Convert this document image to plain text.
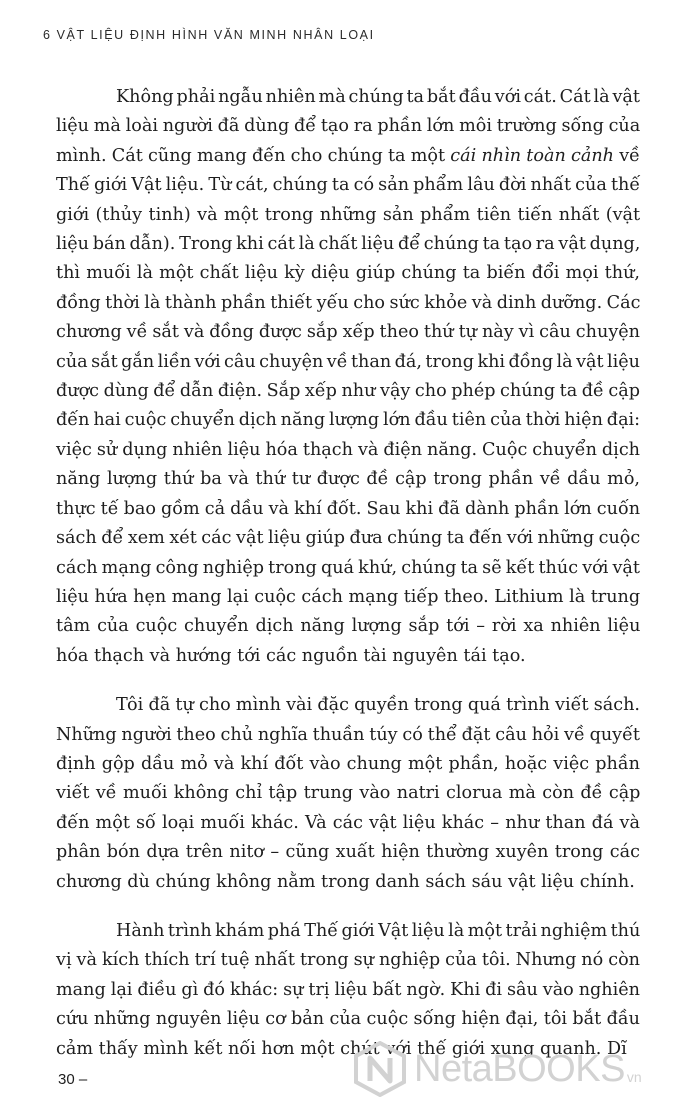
6 VẬT LIỆU ĐỊNH HÌNH VĂN MINH NHÂN LOẠI

Không phải ngẫu nhiên mà chúng ta bắt đầu với cát. Cát là vật
liệu mà loài người đã dùng để tạo ra phần lớn môi trường sống của
mình. Cát cũng mang đến cho chúng ta một cái nhìn toàn cảnh về
Thế giới Vật liệu. Từ cát, chúng ta có sản phẩm lâu đời nhất của thế
giới (thủy tinh) và một trong những sản phẩm tiên tiến nhất (vật
liệu bán dẫn). Trong khi cát là chất liệu để chúng ta tạo ra vật dụng,
thì muối là một chất liệu kỳ diệu giúp chúng ta biến đổi mọi thứ,
đồng thời là thành phần thiết yếu cho sức khỏe và dinh dưỡng. Các
chương về sắt và đồng được sắp xếp theo thứ tự này vì câu chuyện
của sắt gắn liền với câu chuyện về than đá, trong khi đồng là vật liệu
được dùng để dẫn điện. Sắp xếp như vậy cho phép chúng ta đề cập
đến hai cuộc chuyển dịch năng lượng lớn đầu tiên của thời hiện đại:
việc sử dụng nhiên liệu hóa thạch và điện năng. Cuộc chuyển dịch
năng lượng thứ ba và thứ tư được đề cập trong phần về dầu mỏ,
thực tế bao gồm cả dầu và khí đốt. Sau khi đã dành phần lớn cuốn
sách để xem xét các vật liệu giúp đưa chúng ta đến với những cuộc
cách mạng công nghiệp trong quá khứ, chúng ta sẽ kết thúc với vật
liệu hứa hẹn mang lại cuộc cách mạng tiếp theo. Lithium là trung
tâm của cuộc chuyển dịch năng lượng sắp tới – rời xa nhiên liệu
hóa thạch và hướng tới các nguồn tài nguyên tái tạo.

Tôi đã tự cho mình vài đặc quyền trong quá trình viết sách.
Những người theo chủ nghĩa thuần túy có thể đặt câu hỏi về quyết
định gộp dầu mỏ và khí đốt vào chung một phần, hoặc việc phần
viết về muối không chỉ tập trung vào natri clorua mà còn đề cập
đến một số loại muối khác. Và các vật liệu khác – như than đá và
phân bón dựa trên nitơ – cũng xuất hiện thường xuyên trong các
chương dù chúng không nằm trong danh sách sáu vật liệu chính.

Hành trình khám phá Thế giới Vật liệu là một trải nghiệm thú
vị và kích thích trí tuệ nhất trong sự nghiệp của tôi. Nhưng nó còn
mang lại điều gì đó khác: sự trị liệu bất ngờ. Khi đi sâu vào nghiên
cứu những nguyên liệu cơ bản của cuộc sống hiện đại, tôi bắt đầu
cảm thấy mình kết nối hơn một chút với thế giới xung quanh. Dĩ

30 –	NetaBOOKS vn
